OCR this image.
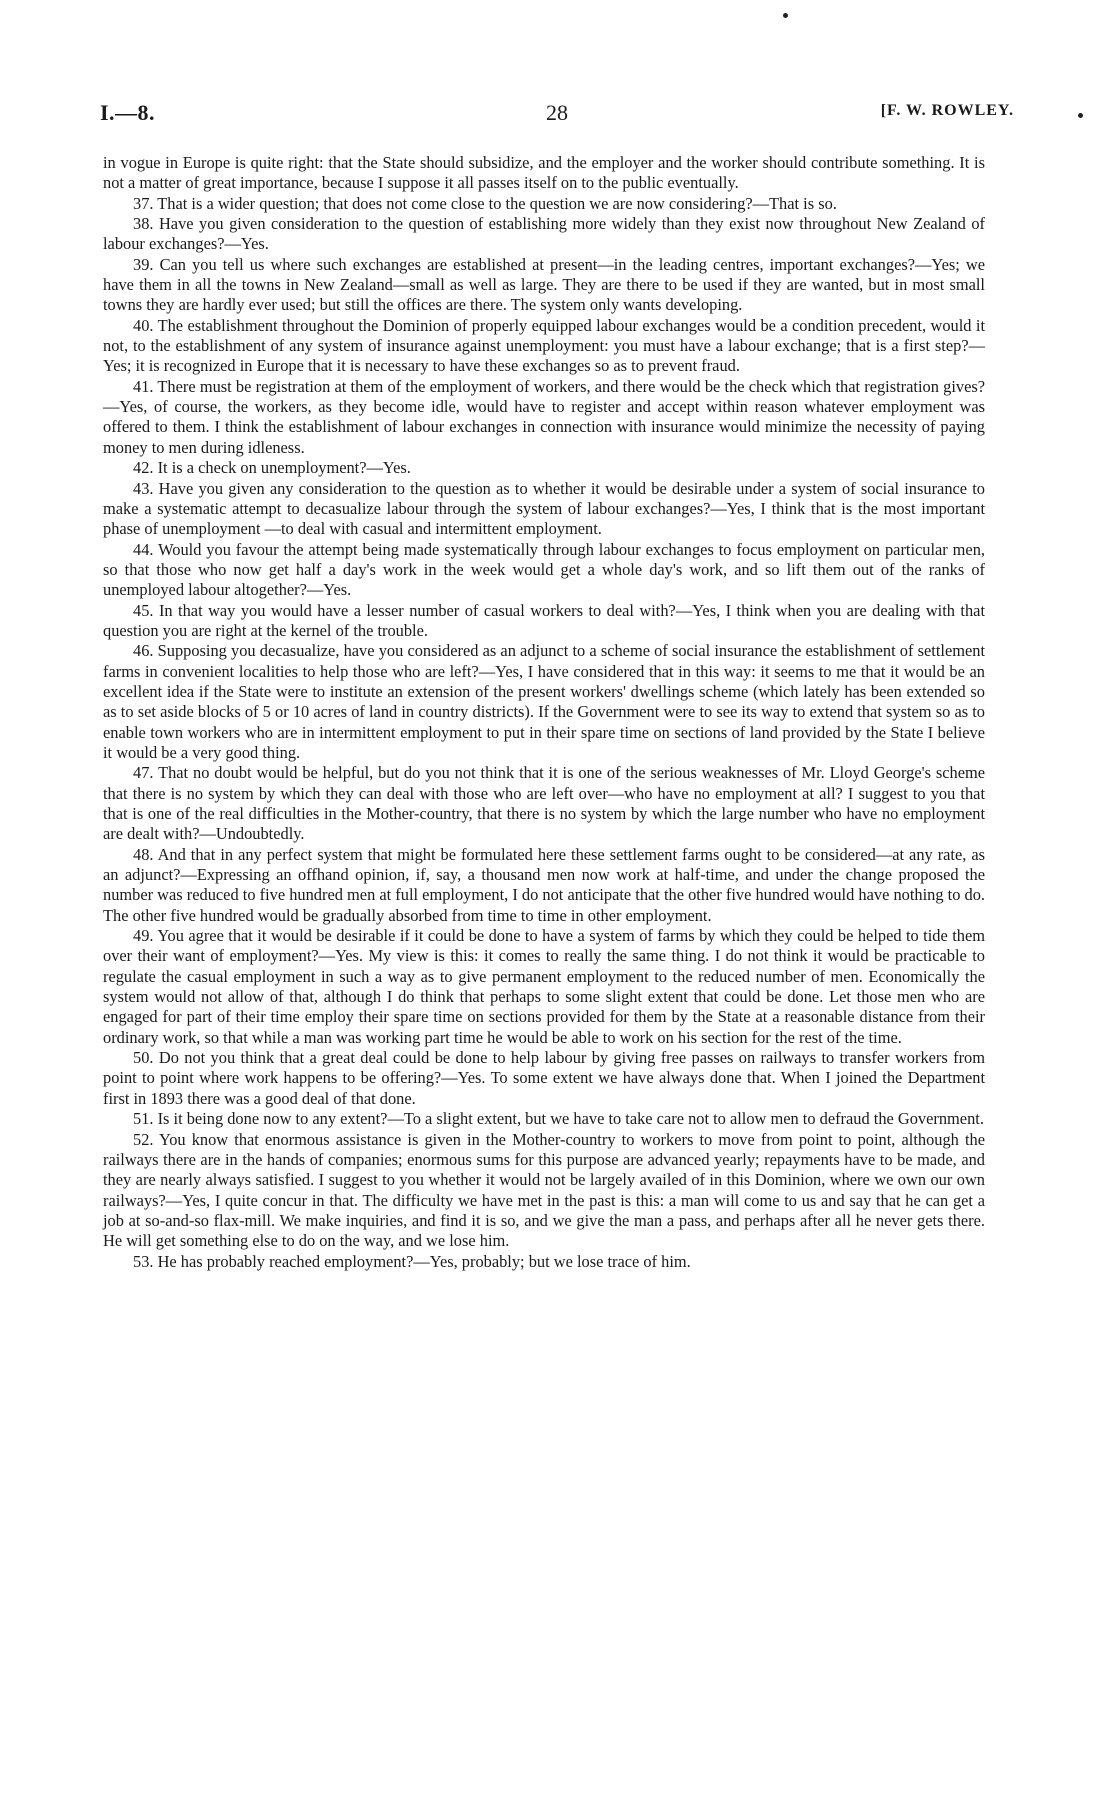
I.—8.	28	[F. W. ROWLEY.

in vogue in Europe is quite right: that the State should subsidize, and the employer and the worker should contribute something. It is not a matter of great importance, because I suppose it all passes itself on to the public eventually.

37. That is a wider question; that does not come close to the question we are now considering?—That is so.

38. Have you given consideration to the question of establishing more widely than they exist now throughout New Zealand of labour exchanges?—Yes.

39. Can you tell us where such exchanges are established at present—in the leading centres, important exchanges?—Yes; we have them in all the towns in New Zealand—small as well as large. They are there to be used if they are wanted, but in most small towns they are hardly ever used; but still the offices are there. The system only wants developing.

40. The establishment throughout the Dominion of properly equipped labour exchanges would be a condition precedent, would it not, to the establishment of any system of insurance against unemployment: you must have a labour exchange; that is a first step?—Yes; it is recognized in Europe that it is necessary to have these exchanges so as to prevent fraud.

41. There must be registration at them of the employment of workers, and there would be the check which that registration gives?—Yes, of course, the workers, as they become idle, would have to register and accept within reason whatever employment was offered to them. I think the establishment of labour exchanges in connection with insurance would minimize the necessity of paying money to men during idleness.

42. It is a check on unemployment?—Yes.

43. Have you given any consideration to the question as to whether it would be desirable under a system of social insurance to make a systematic attempt to decasualize labour through the system of labour exchanges?—Yes, I think that is the most important phase of unemployment —to deal with casual and intermittent employment.

44. Would you favour the attempt being made systematically through labour exchanges to focus employment on particular men, so that those who now get half a day's work in the week would get a whole day's work, and so lift them out of the ranks of unemployed labour altogether?—Yes.

45. In that way you would have a lesser number of casual workers to deal with?—Yes, I think when you are dealing with that question you are right at the kernel of the trouble.

46. Supposing you decasualize, have you considered as an adjunct to a scheme of social insurance the establishment of settlement farms in convenient localities to help those who are left?—Yes, I have considered that in this way: it seems to me that it would be an excellent idea if the State were to institute an extension of the present workers' dwellings scheme (which lately has been extended so as to set aside blocks of 5 or 10 acres of land in country districts). If the Government were to see its way to extend that system so as to enable town workers who are in intermittent employment to put in their spare time on sections of land provided by the State I believe it would be a very good thing.

47. That no doubt would be helpful, but do you not think that it is one of the serious weaknesses of Mr. Lloyd George's scheme that there is no system by which they can deal with those who are left over—who have no employment at all? I suggest to you that that is one of the real difficulties in the Mother-country, that there is no system by which the large number who have no employment are dealt with?—Undoubtedly.

48. And that in any perfect system that might be formulated here these settlement farms ought to be considered—at any rate, as an adjunct?—Expressing an offhand opinion, if, say, a thousand men now work at half-time, and under the change proposed the number was reduced to five hundred men at full employment, I do not anticipate that the other five hundred would have nothing to do. The other five hundred would be gradually absorbed from time to time in other employment.

49. You agree that it would be desirable if it could be done to have a system of farms by which they could be helped to tide them over their want of employment?—Yes. My view is this: it comes to really the same thing. I do not think it would be practicable to regulate the casual employment in such a way as to give permanent employment to the reduced number of men. Economically the system would not allow of that, although I do think that perhaps to some slight extent that could be done. Let those men who are engaged for part of their time employ their spare time on sections provided for them by the State at a reasonable distance from their ordinary work, so that while a man was working part time he would be able to work on his section for the rest of the time.

50. Do not you think that a great deal could be done to help labour by giving free passes on railways to transfer workers from point to point where work happens to be offering?—Yes. To some extent we have always done that. When I joined the Department first in 1893 there was a good deal of that done.

51. Is it being done now to any extent?—To a slight extent, but we have to take care not to allow men to defraud the Government.

52. You know that enormous assistance is given in the Mother-country to workers to move from point to point, although the railways there are in the hands of companies; enormous sums for this purpose are advanced yearly; repayments have to be made, and they are nearly always satisfied. I suggest to you whether it would not be largely availed of in this Dominion, where we own our own railways?—Yes, I quite concur in that. The difficulty we have met in the past is this: a man will come to us and say that he can get a job at so-and-so flax-mill. We make inquiries, and find it is so, and we give the man a pass, and perhaps after all he never gets there. He will get something else to do on the way, and we lose him.

53. He has probably reached employment?—Yes, probably; but we lose trace of him.
